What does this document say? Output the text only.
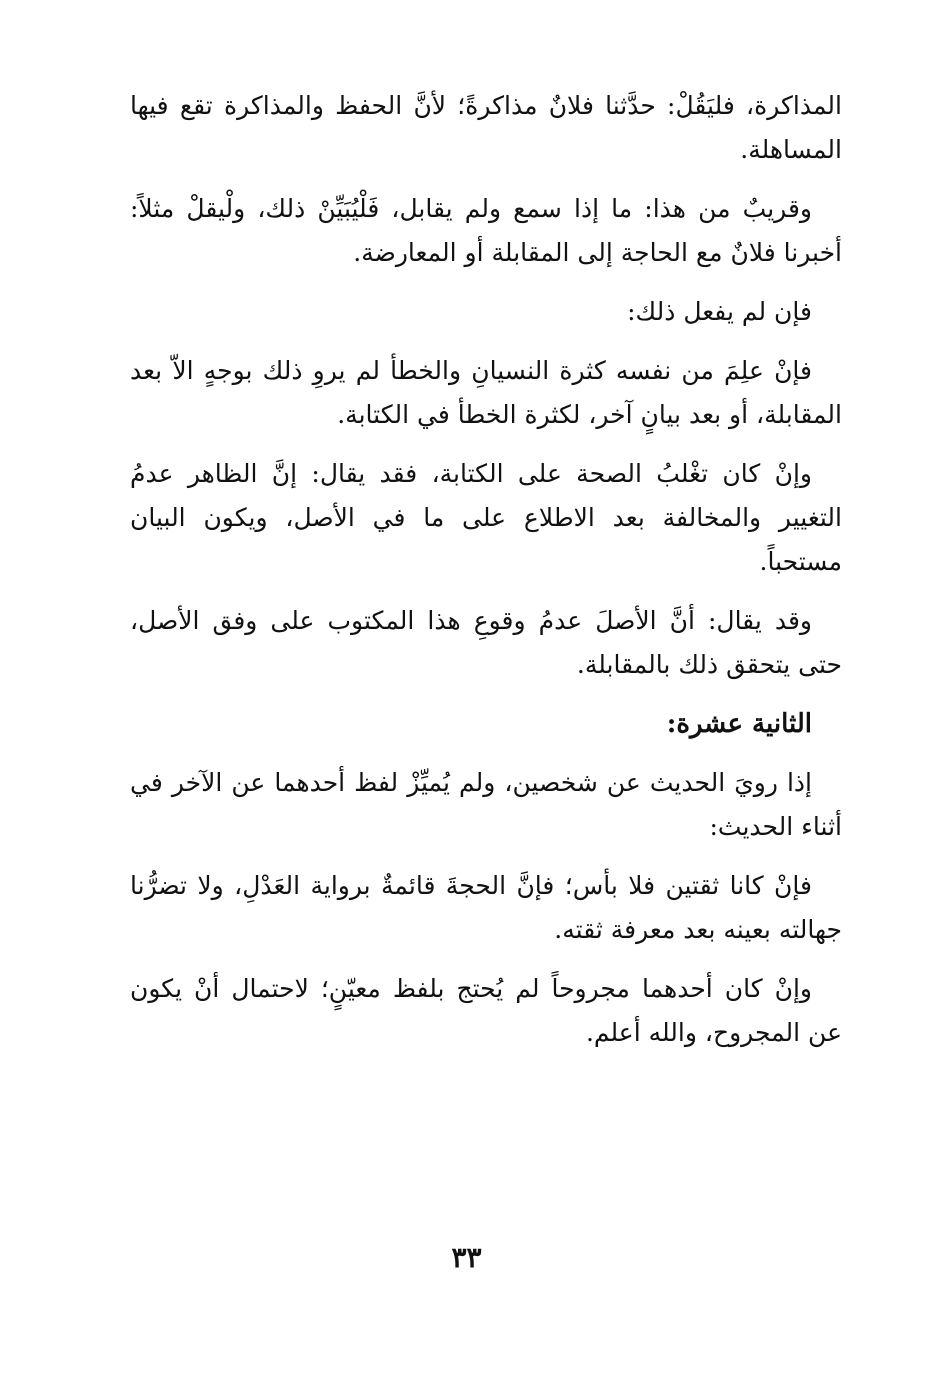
المذاكرة، فليَقُلْ: حدَّثنا فلانٌ مذاكرةً؛ لأنَّ الحفظ والمذاكرة تقع فيها المساهلة.

وقريبٌ من هذا: ما إذا سمع ولم يقابل، فَلْيُبَيِّنْ ذلك، ولْيقلْ مثلاً: أخبرنا فلانٌ مع الحاجة إلى المقابلة أو المعارضة.

فإن لم يفعل ذلك:

فإنْ علِمَ من نفسه كثرة النسيانِ والخطأ لم يروِ ذلك بوجهٍ الاّ بعد المقابلة، أو بعد بيانٍ آخر، لكثرة الخطأ في الكتابة.

وإنْ كان تغْلبُ الصحة على الكتابة، فقد يقال: إنَّ الظاهر عدمُ التغيير والمخالفة بعد الاطلاع على ما في الأصل، ويكون البيان مستحباً.

وقد يقال: أنَّ الأصلَ عدمُ وقوعِ هذا المكتوب على وفق الأصل، حتى يتحقق ذلك بالمقابلة.

الثانية عشرة:

إذا رويَ الحديث عن شخصين، ولم يُميِّزْ لفظ أحدهما عن الآخر في أثناء الحديث:

فإنْ كانا ثقتين فلا بأس؛ فإنَّ الحجةَ قائمةٌ برواية العَدْلِ، ولا تضرُّنا جهالته بعينه بعد معرفة ثقته.

وإنْ كان أحدهما مجروحاً لم يُحتج بلفظ معيّنٍ؛ لاحتمال أنْ يكون عن المجروح، والله أعلم.

٣٣
